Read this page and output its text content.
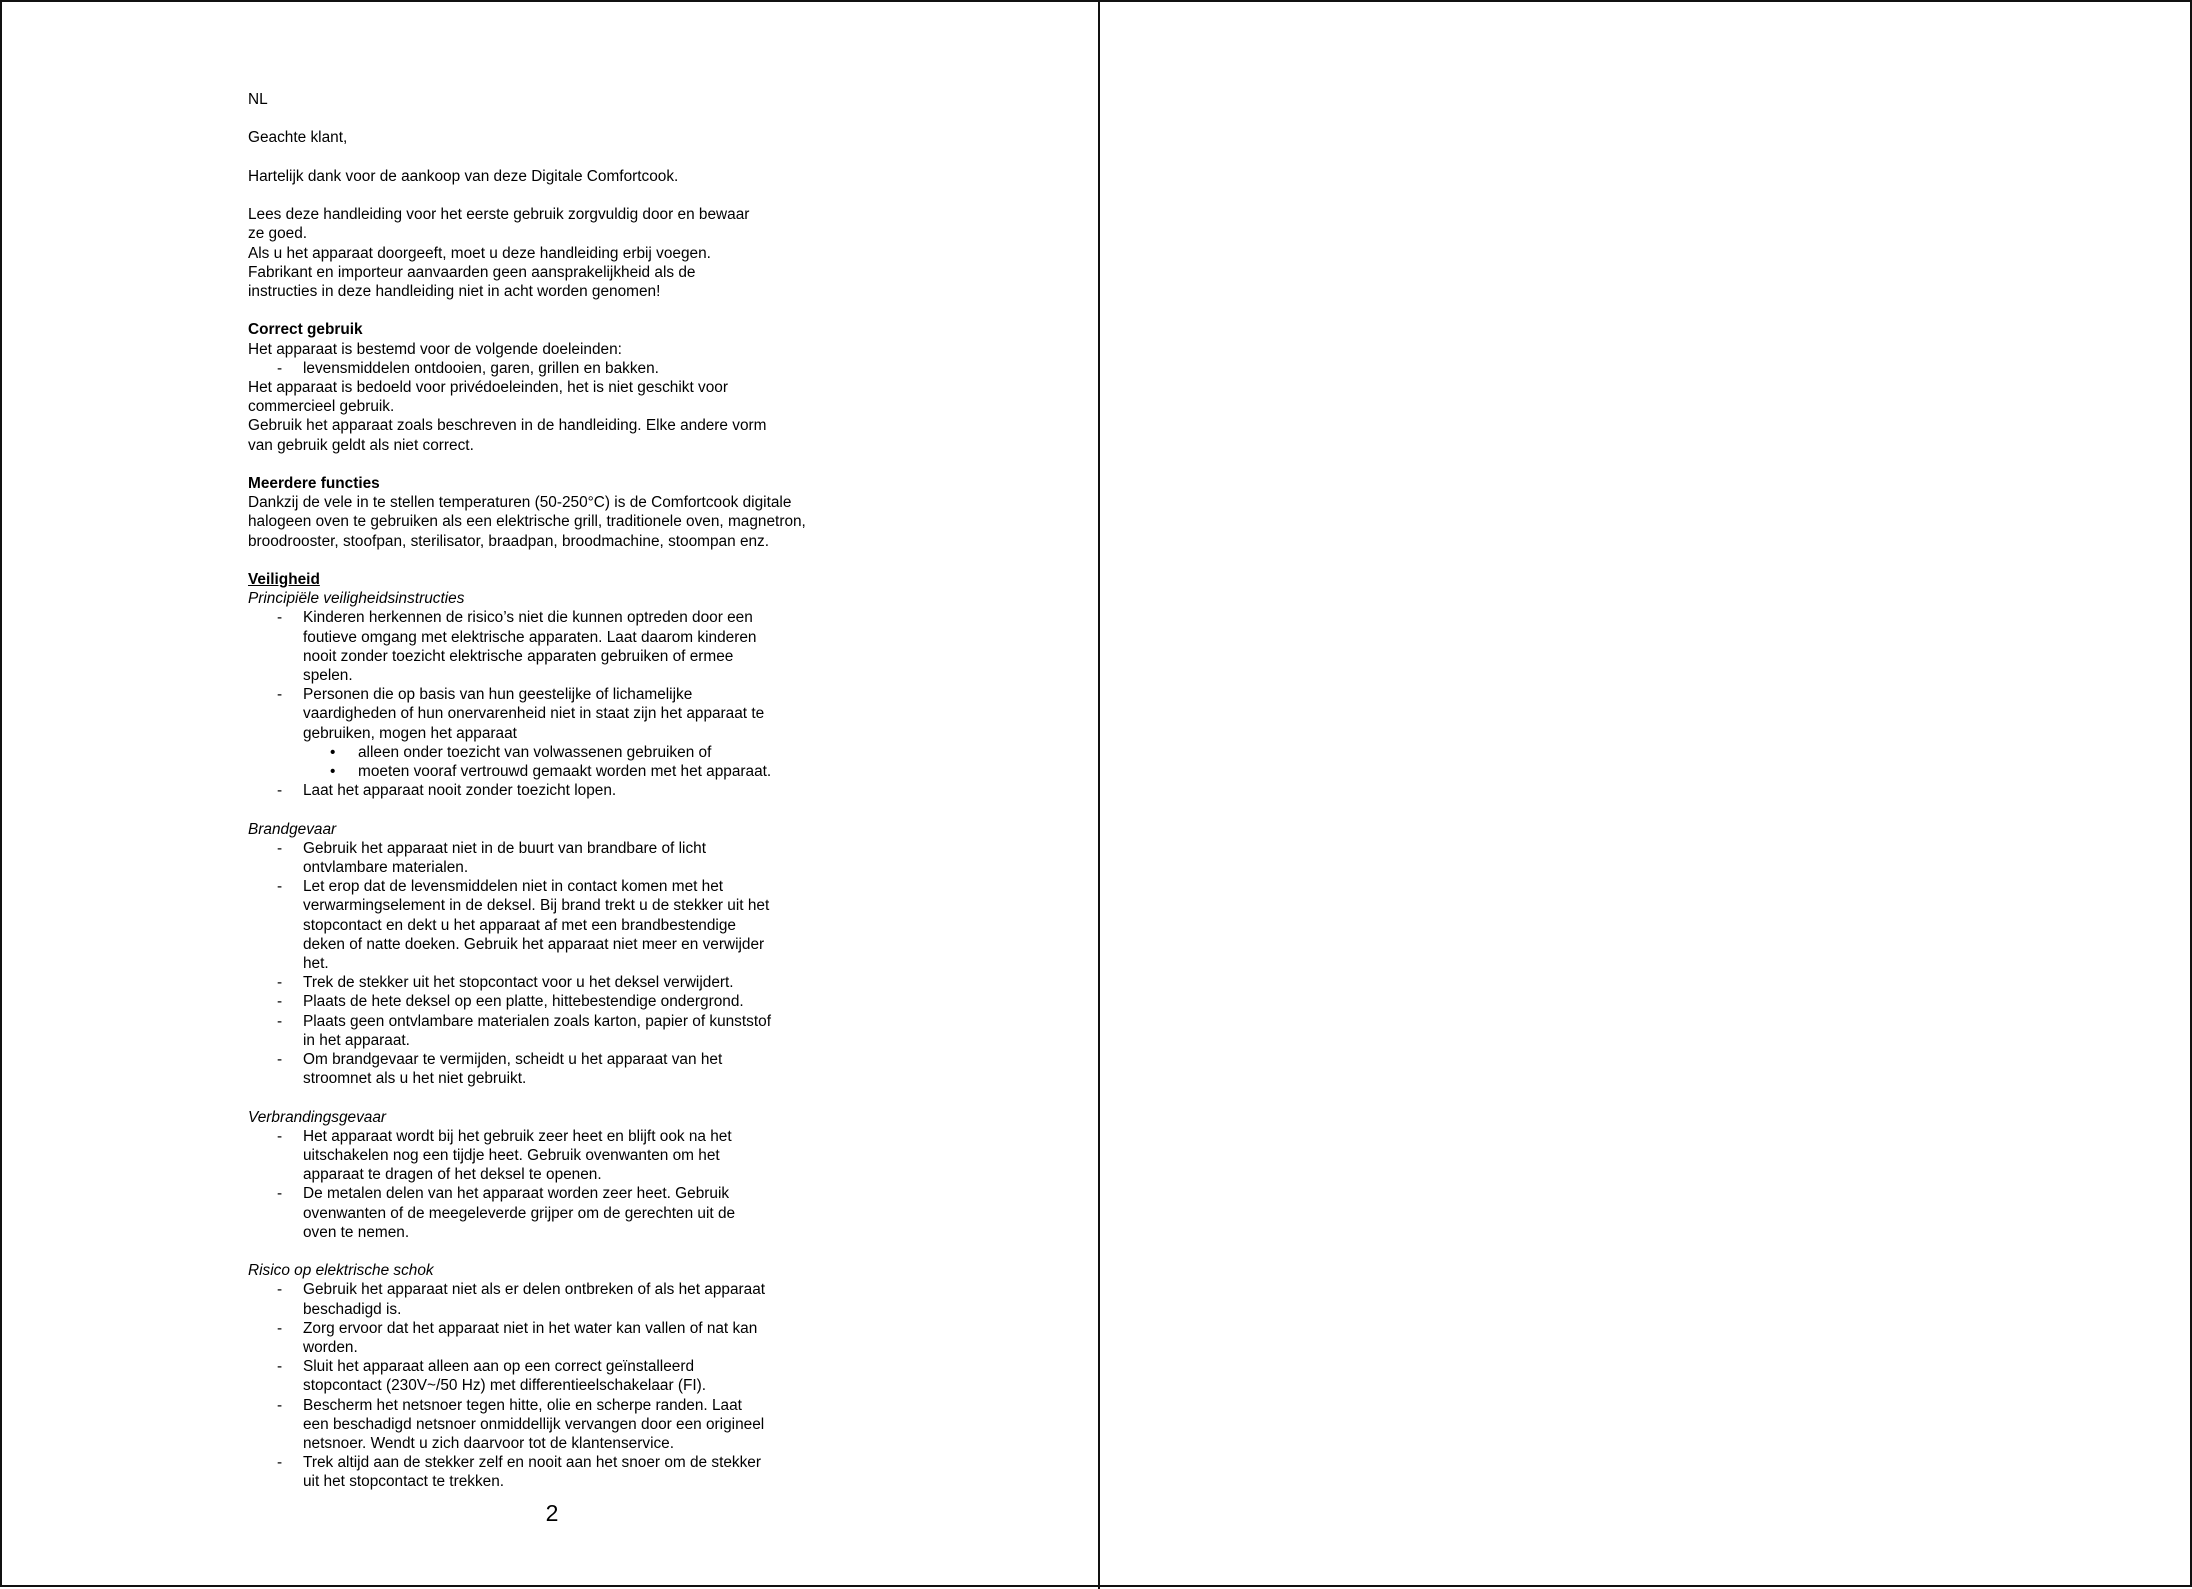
NL

Geachte klant,

Hartelijk dank voor de aankoop van deze Digitale Comfortcook.

Lees deze handleiding voor het eerste gebruik zorgvuldig door en bewaar
ze goed.
Als u het apparaat doorgeeft, moet u deze handleiding erbij voegen.
Fabrikant en importeur aanvaarden geen aansprakelijkheid als de
instructies in deze handleiding niet in acht worden genomen!
Correct gebruik
Het apparaat is bestemd voor de volgende doeleinden:
- levensmiddelen ontdooien, garen, grillen en bakken.
Het apparaat is bedoeld voor privédoeleinden, het is niet geschikt voor
commercieel gebruik.
Gebruik het apparaat zoals beschreven in de handleiding. Elke andere vorm
van gebruik geldt als niet correct.
Meerdere functies
Dankzij de vele in te stellen temperaturen (50-250°C) is de Comfortcook digitale
halogeen oven te gebruiken als een elektrische grill, traditionele oven, magnetron,
broodrooster, stoofpan, sterilisator, braadpan, broodmachine, stoompan enz.
Veiligheid
Principiële veiligheidsinstructies
- Kinderen herkennen de risico’s niet die kunnen optreden door een
foutieve omgang met elektrische apparaten. Laat daarom kinderen
nooit zonder toezicht elektrische apparaten gebruiken of ermee
spelen.
- Personen die op basis van hun geestelijke of lichamelijke
vaardigheden of hun onervarenheid niet in staat zijn het apparaat te
gebruiken, mogen het apparaat
• alleen onder toezicht van volwassenen gebruiken of
• moeten vooraf vertrouwd gemaakt worden met het apparaat.
- Laat het apparaat nooit zonder toezicht lopen.
Brandgevaar
- Gebruik het apparaat niet in de buurt van brandbare of licht
ontvlambare materialen.
- Let erop dat de levensmiddelen niet in contact komen met het
verwarmingselement in de deksel. Bij brand trekt u de stekker uit het
stopcontact en dekt u het apparaat af met een brandbestendige
deken of natte doeken. Gebruik het apparaat niet meer en verwijder
het.
- Trek de stekker uit het stopcontact voor u het deksel verwijdert.
- Plaats de hete deksel op een platte, hittebestendige ondergrond.
- Plaats geen ontvlambare materialen zoals karton, papier of kunststof
in het apparaat.
- Om brandgevaar te vermijden, scheidt u het apparaat van het
stroomnet als u het niet gebruikt.
Verbrandingsgevaar
- Het apparaat wordt bij het gebruik zeer heet en blijft ook na het
uitschakelen nog een tijdje heet. Gebruik ovenwanten om het
apparaat te dragen of het deksel te openen.
- De metalen delen van het apparaat worden zeer heet. Gebruik
ovenwanten of de meegeleverde grijper om de gerechten uit de
oven te nemen.
Risico op elektrische schok
- Gebruik het apparaat niet als er delen ontbreken of als het apparaat
beschadigd is.
- Zorg ervoor dat het apparaat niet in het water kan vallen of nat kan
worden.
- Sluit het apparaat alleen aan op een correct geïnstalleerd
stopcontact (230V~/50 Hz) met differentieelschakelaar (FI).
- Bescherm het netsnoer tegen hitte, olie en scherpe randen. Laat
een beschadigd netsnoer onmiddellijk vervangen door een origineel
netsnoer. Wendt u zich daarvoor tot de klantenservice.
- Trek altijd aan de stekker zelf en nooit aan het snoer om de stekker
uit het stopcontact te trekken.
2
